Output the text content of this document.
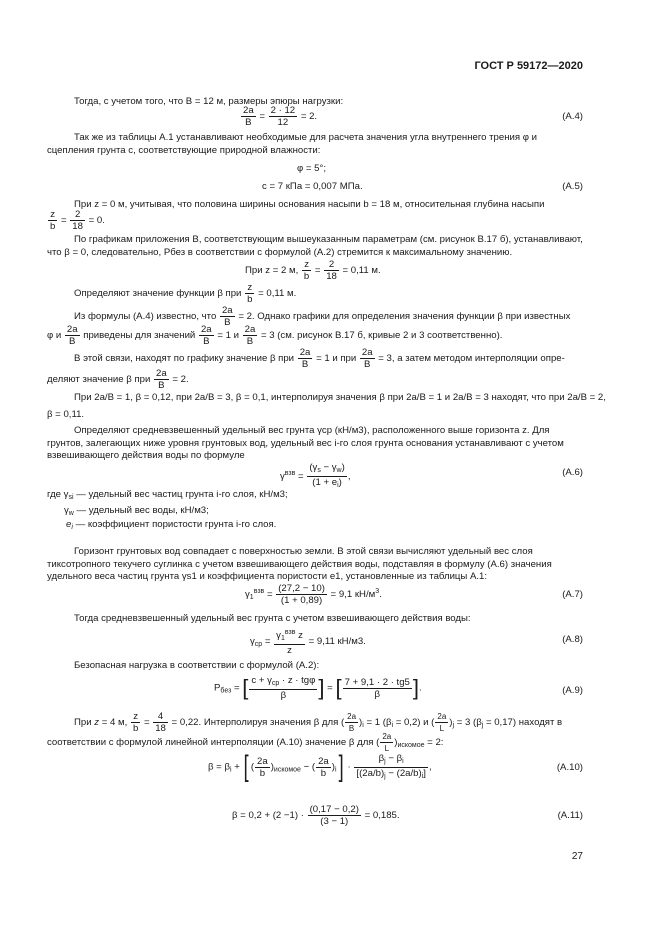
ГОСТ Р 59172—2020
Тогда, с учетом того, что B = 12 м, размеры эпюры нагрузки:
$\frac{2a}{B} = \frac{2 \cdot 12}{12} = 2$.	(А.4)
Так же из таблицы А.1 устанавливают необходимые для расчета значения угла внутреннего трения φ и сцепления грунта c, соответствующие природной влажности:
φ = 5°;
c = 7 кПа = 0,007 МПа.	(А.5)
При z = 0 м, учитывая, что половина ширины основания насыпи b = 18 м, относительная глубина насыпи
$\frac{z}{b} = \frac{2}{18} = 0$.
По графикам приложения В, соответствующим вышеуказанным параметрам (см. рисунок В.17 б), устанавливают, что β = 0, следовательно, Pбез в соответствии с формулой (А.2) стремится к максимальному значению.
При z = 2 м, $\frac{z}{b} = \frac{2}{18} = 0,11$ м.
Определяют значение функции β при $\frac{z}{b} = 0,11$ м.
Из формулы (А.4) известно, что $\frac{2a}{B} = 2$. Однако графики для определения значения функции β при известных
φ и $\frac{2a}{B}$ приведены для значений $\frac{2a}{B} = 1$ и $\frac{2a}{B} = 3$ (см. рисунок В.17 б, кривые 2 и 3 соответственно).
В этой связи, находят по графику значение β при $\frac{2a}{B} = 1$ и при $\frac{2a}{B} = 3$, а затем методом интерполяции опре-
деляют значение β при $\frac{2a}{B} = 2$.
При 2a/B = 1, β = 0,12, при 2a/B = 3, β = 0,1, интерполируя значения β при 2a/B = 1 и 2a/B = 3 находят, что при 2a/B = 2,
β = 0,11.
Определяют средневзвешенный удельный вес грунта γср (кН/м3), расположенного выше горизонта z. Для грунтов, залегающих ниже уровня грунтовых вод, удельный вес i-го слоя грунта основания устанавливают с учетом взвешивающего действия воды по формуле
$\gamma^{взв} = \frac{(\gamma_s - \gamma_w)}{(1 + e_i)}$ ,	(А.6)
где $\gamma_{si}$ — удельный вес частиц грунта i-го слоя, кН/м3;
$\gamma_w$ — удельный вес воды, кН/м3;
$e_i$ — коэффициент пористости грунта i-го слоя.
Горизонт грунтовых вод совпадает с поверхностью земли. В этой связи вычисляют удельный вес слоя тиксотропного текучего суглинка с учетом взвешивающего действия воды, подставляя в формулу (А.6) значения удельного веса частиц грунта γs1 и коэффициента пористости e1, установленные из таблицы А.1:
$\gamma_1^{взв} = \frac{(27,2 - 10)}{(1 + 0,89)} = 9,1$ $кН/м^3$.	(А.7)
Тогда средневзвешенный удельный вес грунта с учетом взвешивающего действия воды:
$\gamma_{ср}$ =
$\gamma_1^{взв}$ z
z
= 9,11 кН/м3.	(А.8)
Безопасная нагрузка в соответствии с формулой (А.2):
$P_{без}$ = [ $c + \gamma_{ср} \cdot z \cdot tg\varphi$
β	] = [ $\frac{7 + 9,1 \cdot 2 \cdot tg5}{\beta}$ ].	(А.9)
При z = 4 м, $\frac{z}{b} = \frac{4}{18} = 0,22$. Интерполируя значения β для ( $\frac{2a}{B} )_i = 1$ $(\beta_i = 0,2)$ и ( $\frac{2a}{L} )_j = 3$ $(\beta_j = 0,17)$ находят в
соответствии с формулой линейной интерполяции (А.10) значение β для ( $\frac{2a}{L} )_{искомое} = 2$:
$\beta = \beta_i$ + [ ( $\frac{2a}{b} )_{искомое}$ − ( $\frac{2a}{b} )_i] \cdot \frac{\beta_j - \beta_i}{[(2a/b)_j - (2a/b)_i]}$ ,	(А.10)
$\beta = 0,2 + (2 -1) \cdot \frac{(0,17 - 0,2)}{(3 - 1)} = 0,185$.	(А.11)
27
